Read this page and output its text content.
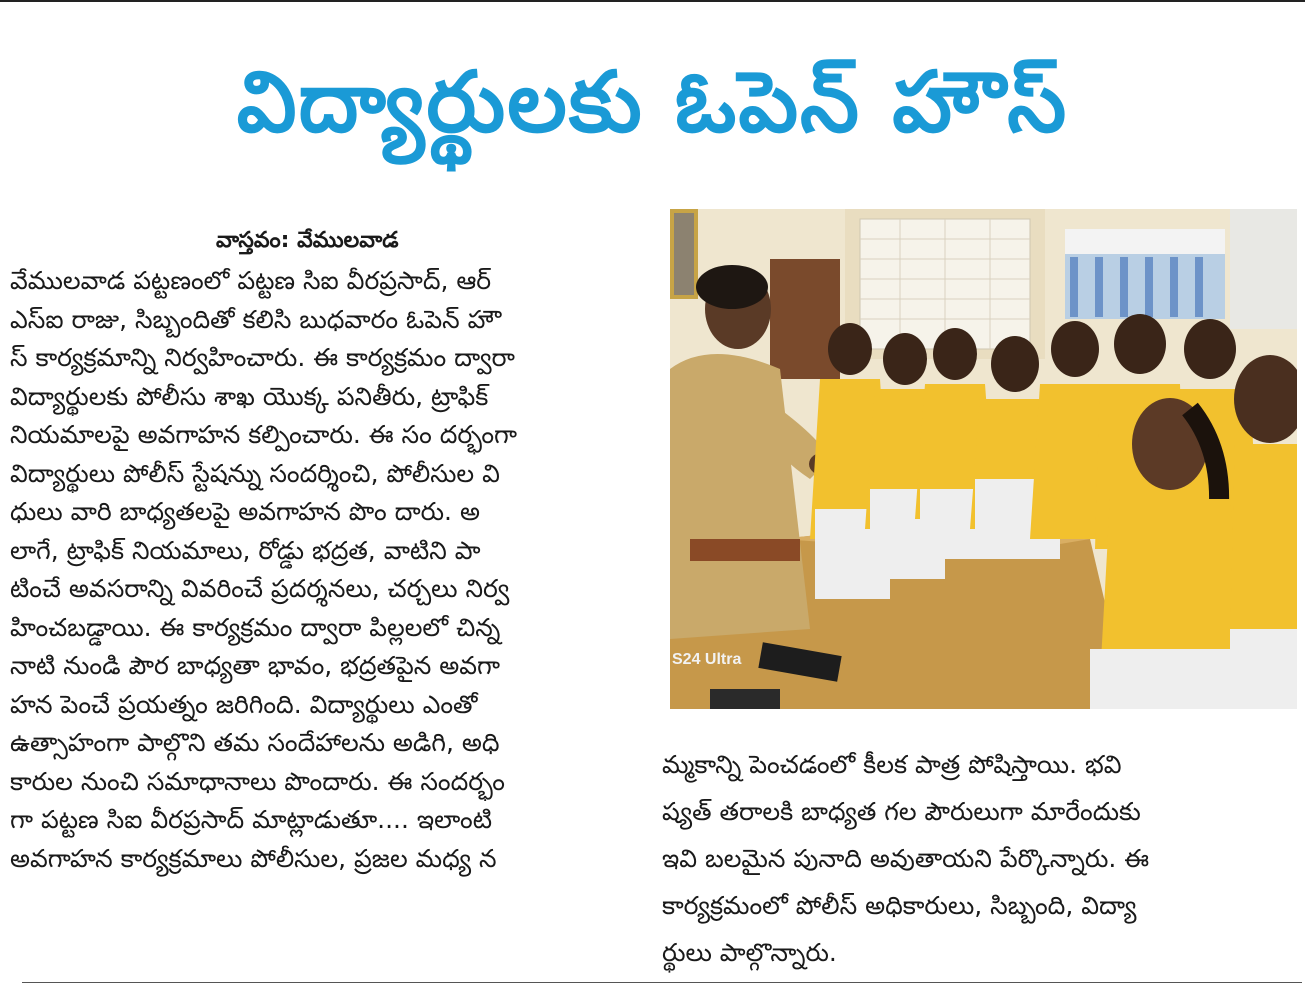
విద్యార్థులకు ఓపెన్ హౌస్
వాస్తవం: వేములవాడ
వేములవాడ పట్టణంలో పట్టణ సిఐ వీరప్రసాద్, ఆర్
ఎస్ఐ రాజు, సిబ్బందితో కలిసి బుధవారం ఓపెన్ హౌ
స్ కార్యక్రమాన్ని నిర్వహించారు. ఈ కార్యక్రమం ద్వారా
విద్యార్థులకు పోలీసు శాఖ యొక్క పనితీరు, ట్రాఫిక్
నియమాలపై అవగాహన కల్పించారు. ఈ సం దర్భంగా
విద్యార్థులు పోలీస్ స్టేషన్ను సందర్శించి, పోలీసుల వి
ధులు వారి బాధ్యతలపై అవగాహన పొం దారు. అ
లాగే, ట్రాఫిక్ నియమాలు, రోడ్డు భద్రత, వాటిని పా
టించే అవసరాన్ని వివరించే ప్రదర్శనలు, చర్చలు నిర్వ
హించబడ్డాయి. ఈ కార్యక్రమం ద్వారా పిల్లలలో చిన్న
నాటి నుండి పౌర బాధ్యతా భావం, భద్రతపైన అవగా
హన పెంచే ప్రయత్నం జరిగింది. విద్యార్థులు ఎంతో
ఉత్సాహంగా పాల్గొని తమ సందేహాలను అడిగి, అధి
కారుల నుంచి సమాధానాలు పొందారు. ఈ సందర్భం
గా పట్టణ సిఐ వీరప్రసాద్ మాట్లాడుతూ.... ఇలాంటి
అవగాహన కార్యక్రమాలు పోలీసుల, ప్రజల మధ్య న
S24 Ultra
మ్మకాన్ని పెంచడంలో కీలక పాత్ర పోషిస్తాయి. భవి
ష్యత్ తరాలకి బాధ్యత గల పౌరులుగా మారేందుకు
ఇవి బలమైన పునాది అవుతాయని పేర్కొన్నారు. ఈ
కార్యక్రమంలో పోలీస్ అధికారులు, సిబ్బంది, విద్యా
ర్థులు పాల్గొన్నారు.
